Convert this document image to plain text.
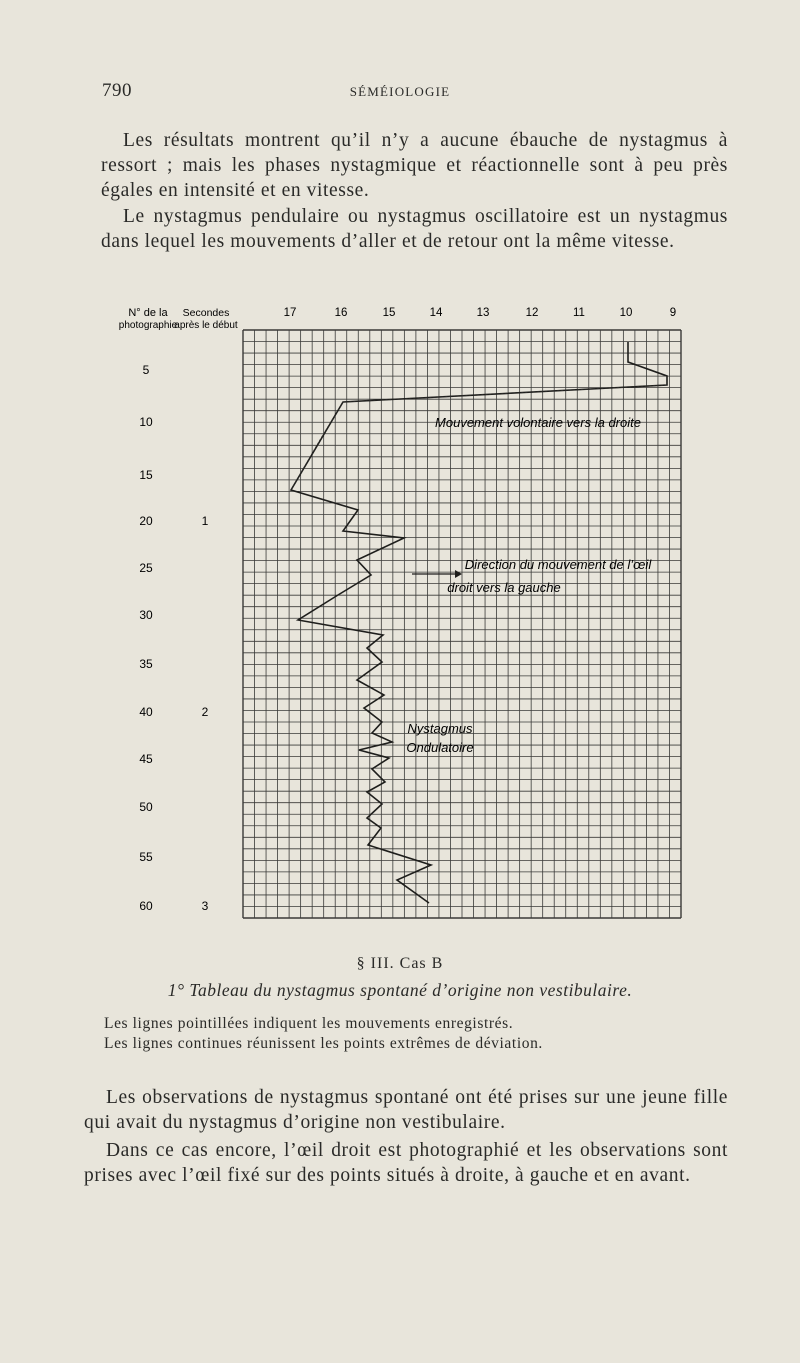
790	SÉMÉIOLOGIE
Les résultats montrent qu’il n’y a aucune ébauche de nystagmus à ressort ; mais les phases nystagmique et réactionnelle sont à peu près égales en intensité et en vitesse.
Le nystagmus pendulaire ou nystagmus oscillatoire est un nystagmus dans lequel les mouvements d’aller et de retour ont la même vitesse.
N° de la
photographie
Secondes
après le début
17	16	15	14	13	12	11	10	9
5
10
15
20
25
30
35
40
45
50
55
60
1
2
3
Mouvement volontaire vers la droite
Direction du mouvement de l’œil
droit vers la gauche
Nystagmus
Ondulatoire
§ III. Cas B
1° Tableau du nystagmus spontané d’origine non vestibulaire.
Les lignes pointillées indiquent les mouvements enregistrés.
Les lignes continues réunissent les points extrêmes de déviation.
Les observations de nystagmus spontané ont été prises sur une jeune fille qui avait du nystagmus d’origine non vestibulaire.
Dans ce cas encore, l’œil droit est photographié et les observations sont prises avec l’œil fixé sur des points situés à droite, à gauche et en avant.
